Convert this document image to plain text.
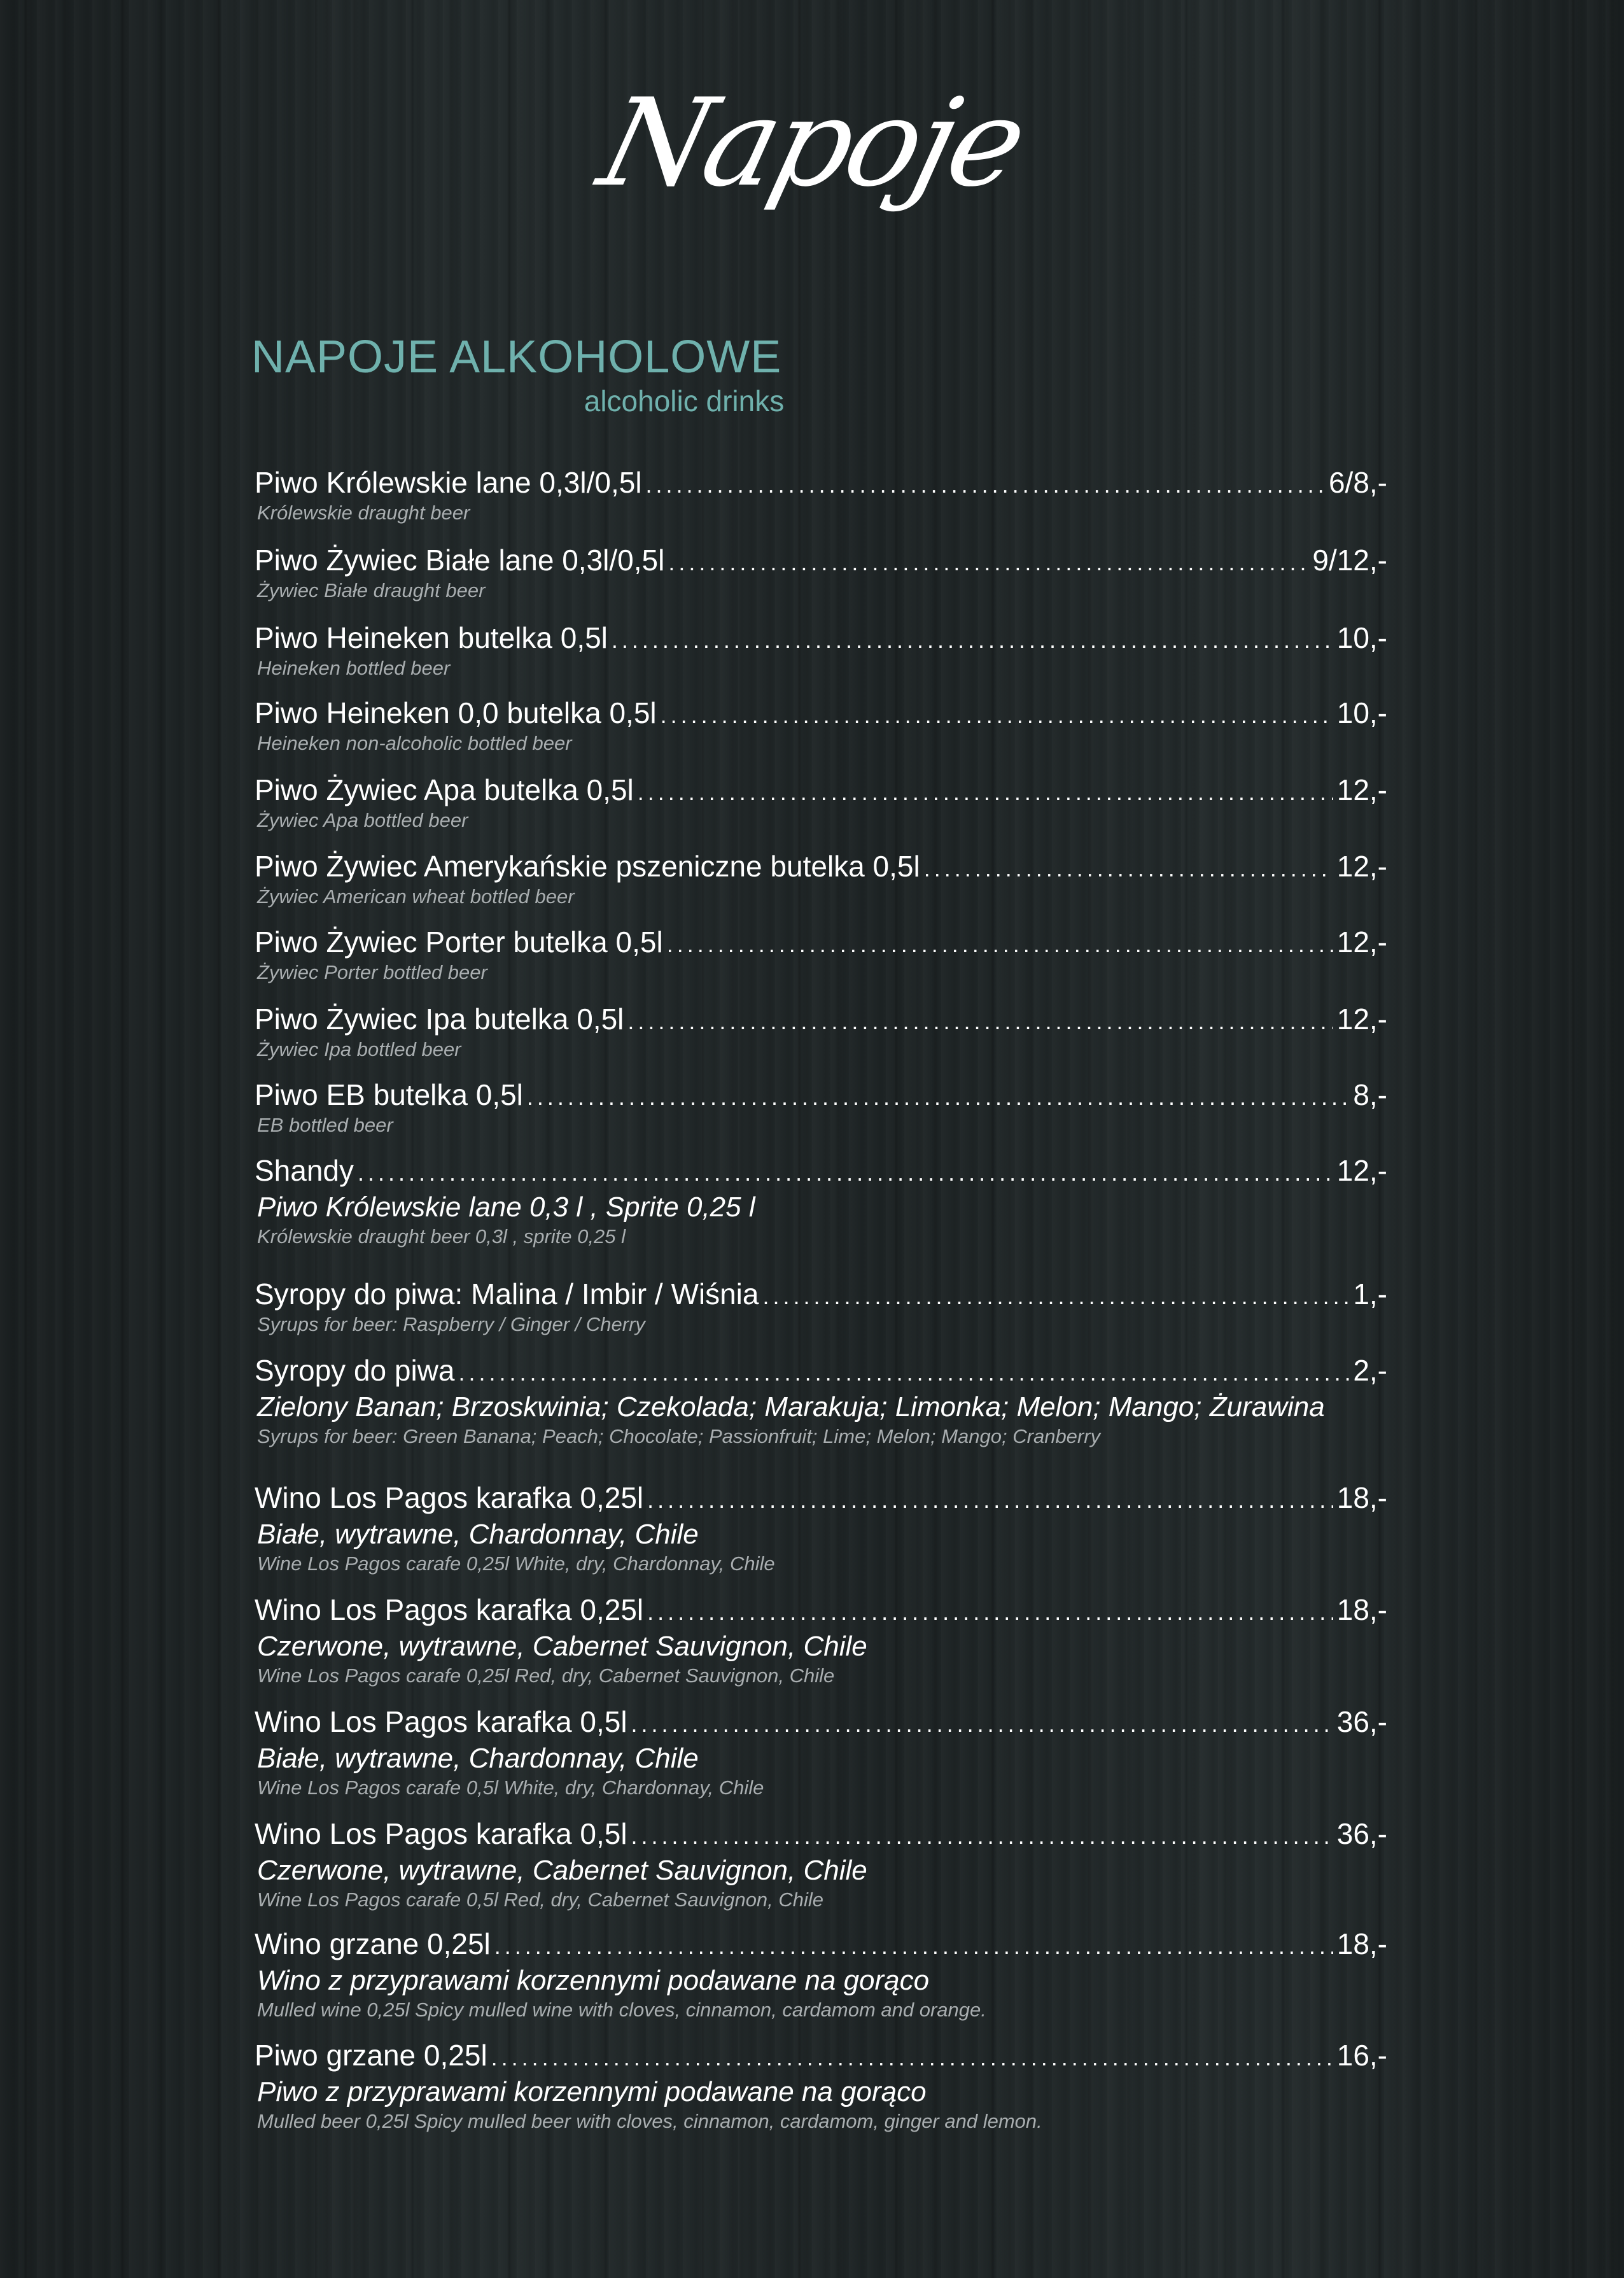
Napoje
NAPOJE ALKOHOLOWE
alcoholic drinks
Piwo Królewskie lane 0,3l/0,5l .....	6/8,-
Królewskie draught beer
Piwo Żywiec Białe lane 0,3l/0,5l .....	9/12,-
Żywiec Białe draught beer
Piwo Heineken butelka 0,5l .....	10,-
Heineken bottled beer
Piwo Heineken 0,0 butelka 0,5l .....	10,-
Heineken non-alcoholic bottled beer
Piwo Żywiec Apa butelka 0,5l .....	12,-
Żywiec Apa bottled beer
Piwo Żywiec Amerykańskie pszeniczne butelka 0,5l .....	12,-
Żywiec American wheat bottled beer
Piwo Żywiec Porter butelka 0,5l .....	12,-
Żywiec Porter bottled beer
Piwo Żywiec Ipa butelka 0,5l .....	12,-
Żywiec Ipa bottled beer
Piwo EB butelka 0,5l .....	8,-
EB bottled beer
Shandy .....	12,-
Piwo Królewskie lane 0,3 l , Sprite 0,25 l
Królewskie draught beer 0,3l , sprite 0,25 l
Syropy do piwa: Malina / Imbir / Wiśnia .....	1,-
Syrups for beer: Raspberry / Ginger / Cherry
Syropy do piwa .....	2,-
Zielony Banan; Brzoskwinia; Czekolada; Marakuja; Limonka; Melon; Mango; Żurawina
Syrups for beer: Green Banana; Peach; Chocolate; Passionfruit; Lime; Melon; Mango; Cranberry
Wino Los Pagos karafka 0,25l .....	18,-
Białe, wytrawne, Chardonnay, Chile
Wine Los Pagos carafe 0,25l White, dry, Chardonnay, Chile
Wino Los Pagos karafka 0,25l .....	18,-
Czerwone, wytrawne, Cabernet Sauvignon, Chile
Wine Los Pagos carafe 0,25l Red, dry, Cabernet Sauvignon, Chile
Wino Los Pagos karafka 0,5l .....	36,-
Białe, wytrawne, Chardonnay, Chile
Wine Los Pagos carafe 0,5l White, dry, Chardonnay, Chile
Wino Los Pagos karafka 0,5l .....	36,-
Czerwone, wytrawne, Cabernet Sauvignon, Chile
Wine Los Pagos carafe 0,5l Red, dry, Cabernet Sauvignon, Chile
Wino grzane 0,25l .....	18,-
Wino z przyprawami korzennymi podawane na gorąco
Mulled wine 0,25l Spicy mulled wine with cloves, cinnamon, cardamom and orange.
Piwo grzane 0,25l .....	16,-
Piwo z przyprawami korzennymi podawane na gorąco
Mulled beer 0,25l Spicy mulled beer with cloves, cinnamon, cardamom, ginger and lemon.
